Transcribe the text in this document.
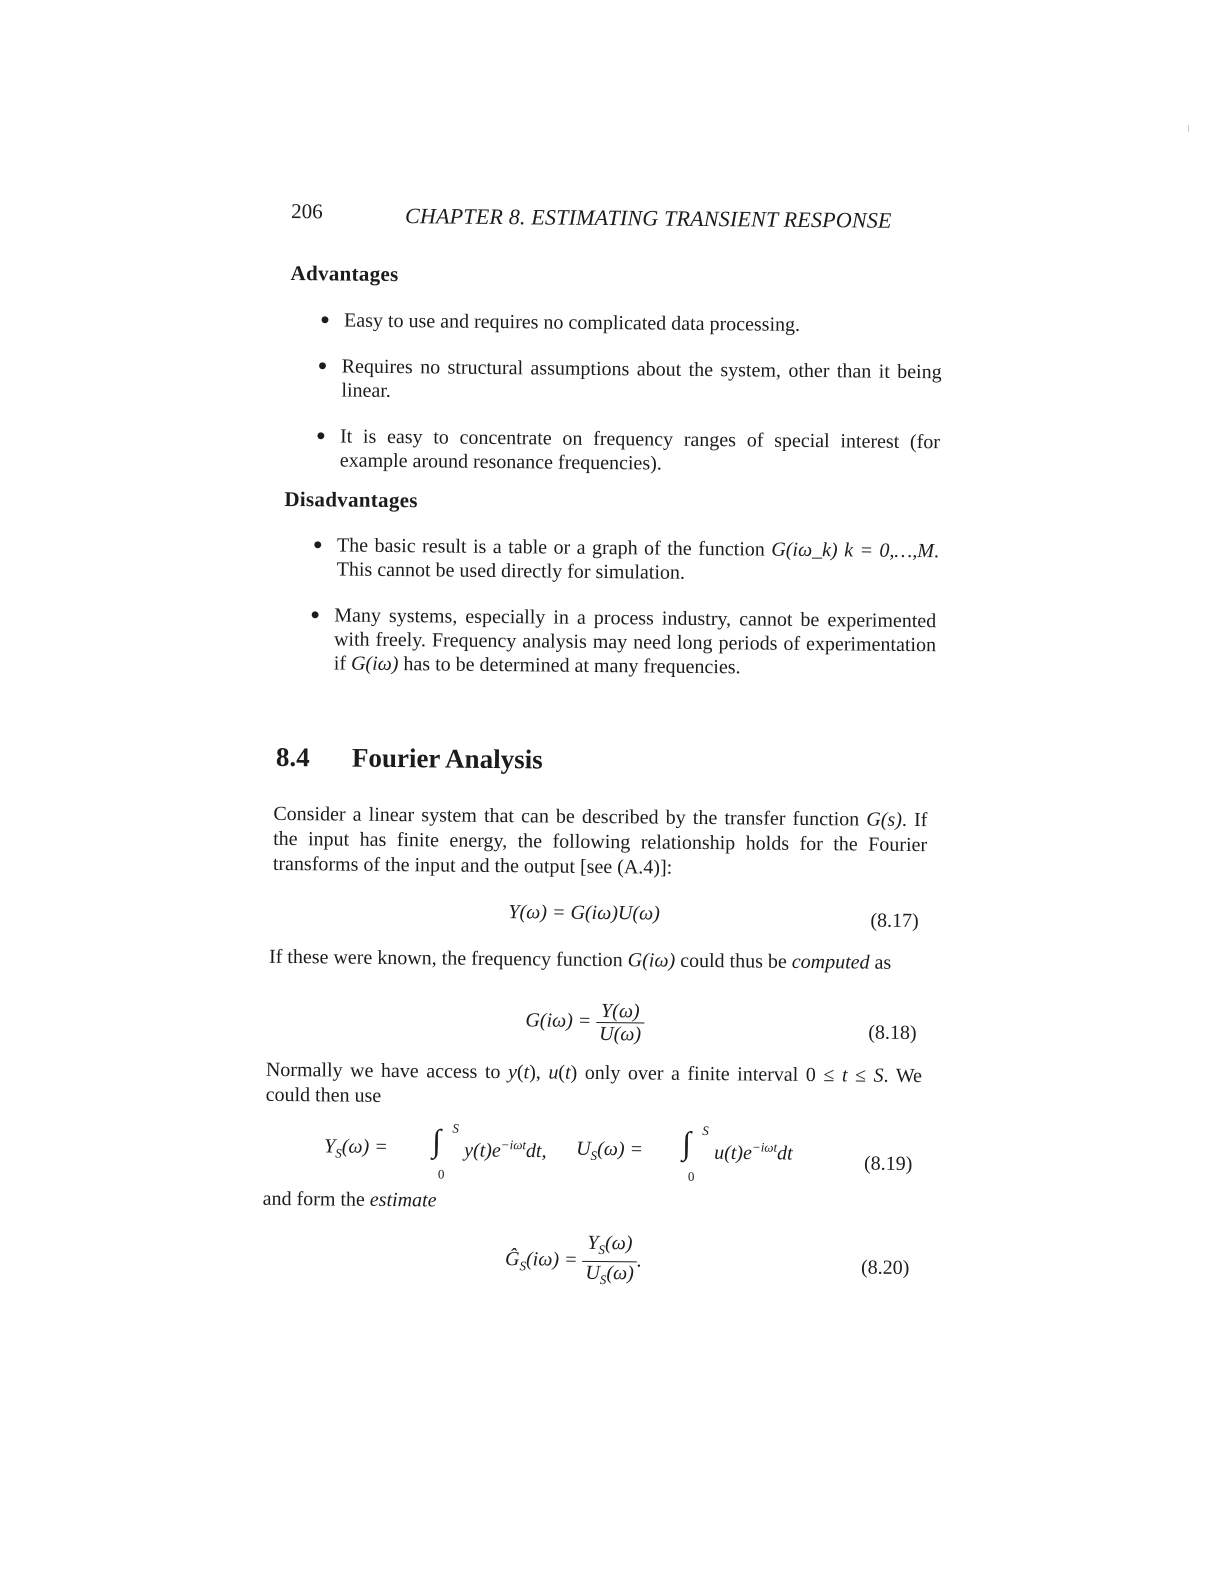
206	CHAPTER 8. ESTIMATING TRANSIENT RESPONSE
Advantages
● Easy to use and requires no complicated data processing.
● Requires no structural assumptions about the system, other than it being linear.
● It is easy to concentrate on frequency ranges of special interest (for example around resonance frequencies).
Disadvantages
● The basic result is a table or a graph of the function G(iω_k) k = 0,…,M. This cannot be used directly for simulation.
● Many systems, especially in a process industry, cannot be experimented with freely. Frequency analysis may need long periods of experimentation if G(iω) has to be determined at many frequencies.
8.4 Fourier Analysis
Consider a linear system that can be described by the transfer function G(s). If the input has finite energy, the following relationship holds for the Fourier transforms of the input and the output [see (A.4)]:
Y(ω) = G(iω)U(ω)	(8.17)
If these were known, the frequency function G(iω) could thus be computed as
$G(i\omega) = \frac{Y(\omega)}{U(\omega)}$	(8.18)
Normally we have access to y(t), u(t) only over a finite interval 0 ≤ t ≤ S. We could then use
$Y_S(\omega)$ = ∫ S
0
$y(t)e^{-i\omega t}dt$, $U_S(\omega)$ = ∫ S
0
$u(t)e^{-i\omega t}dt$	(8.19)
and form the estimate
$Ĝ_S(i\omega) = \frac{Y_S(\omega)}{U_S(\omega)}$ .	(8.20)
